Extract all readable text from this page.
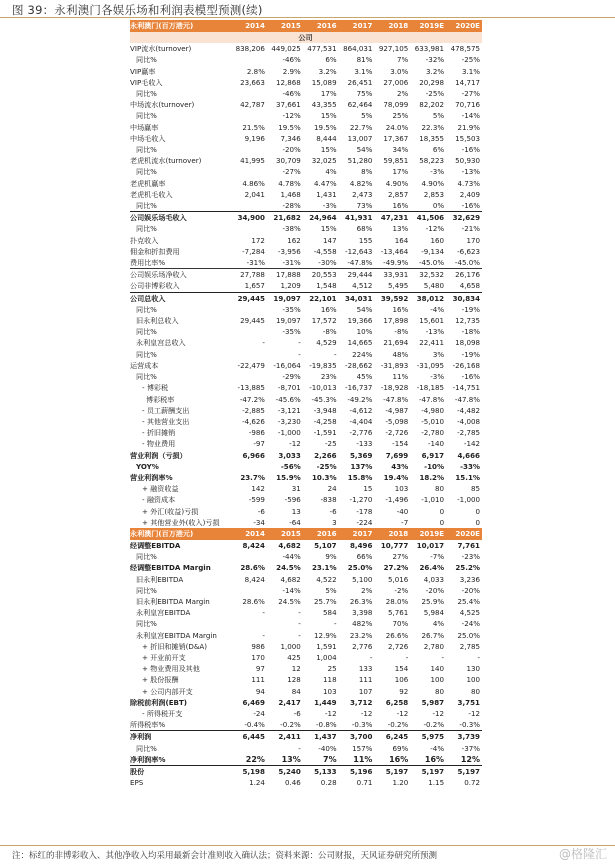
图 39：永利澳门各娱乐场和利润表模型预测(续)
永利澳门(百万港元)	2014	2015	2016	2017	2018	2019E	2020E
公司							
VIP流水(turnover)	838,206	449,025	477,531	864,031	927,105	633,981	478,575
同比%		-46%	6%	81%	7%	-32%	-25%
VIP赢率	2.8%	2.9%	3.2%	3.1%	3.0%	3.2%	3.1%
VIP毛收入	23,663	12,868	15,089	26,451	27,006	20,298	14,717
同比%		-46%	17%	75%	2%	-25%	-27%
中场流水(turnover)	42,787	37,661	43,355	62,464	78,099	82,202	70,716
同比%		-12%	15%	5%	25%	5%	-14%
中场赢率	21.5%	19.5%	19.5%	22.7%	24.0%	22.3%	21.9%
中场毛收入	9,196	7,346	8,444	13,007	17,367	18,355	15,503
同比%		-20%	15%	54%	34%	6%	-16%
老虎机流水(turnover)	41,995	30,709	32,025	51,280	59,851	58,223	50,930
同比%		-27%	4%	8%	17%	-3%	-13%
老虎机赢率	4.86%	4.78%	4.47%	4.82%	4.90%	4.90%	4.73%
老虎机毛收入	2,041	1,468	1,431	2,473	2,857	2,853	2,409
同比%		-28%	-3%	73%	16%	0%	-16%
公司娱乐场毛收入	34,900	21,682	24,964	41,931	47,231	41,506	32,629
同比%		-38%	15%	68%	13%	-12%	-21%
扑克收入	172	162	147	155	164	160	170
佣金和折扣费用	-7,284	-3,956	-4,558	-12,643	-13,464	-9,134	-6,623
费用比率%	-31%	-31%	-30%	-47.8%	-49.9%	-45.0%	-45.0%
公司娱乐场净收入	27,788	17,888	20,553	29,444	33,931	32,532	26,176
公司非博彩收入	1,657	1,209	1,548	4,512	5,495	5,480	4,658
公司总收入	29,445	19,097	22,101	34,031	39,592	38,012	30,834
同比%		-35%	16%	54%	16%	-4%	-19%
旧永利总收入	29,445	19,097	17,572	19,366	17,898	15,601	12,735
同比%		-35%	-8%	10%	-8%	-13%	-18%
永利皇宫总收入	-	-	4,529	14,665	21,694	22,411	18,098
同比%		-	-	224%	48%	3%	-19%
运营成本	-22,479	-16,064	-19,835	-28,662	-31,893	-31,095	-26,168
同比%		-29%	23%	45%	11%	-3%	-16%
- 博彩税	-13,885	-8,701	-10,013	-16,737	-18,928	-18,185	-14,751
博彩税率	-47.2%	-45.6%	-45.3%	-49.2%	-47.8%	-47.8%	-47.8%
- 员工薪酬支出	-2,885	-3,121	-3,948	-4,612	-4,987	-4,980	-4,482
- 其他营业支出	-4,626	-3,230	-4,258	-4,404	-5,098	-5,010	-4,008
- 折旧摊销	-986	-1,000	-1,591	-2,776	-2,726	-2,780	-2,785
- 物业费用	-97	-12	-25	-133	-154	-140	-142
营业利润（亏损）	6,966	3,033	2,266	5,369	7,699	6,917	4,666
YOY%		-56%	-25%	137%	43%	-10%	-33%
营业利润率%	23.7%	15.9%	10.3%	15.8%	19.4%	18.2%	15.1%
+ 融资收益	142	31	24	15	103	80	85
- 融资成本	-599	-596	-838	-1,270	-1,496	-1,010	-1,000
+ 外汇(收益)亏损	-6	13	-6	-178	-40	0	0
+ 其他营业外(收入)亏损	-34	-64	3	-224	-7	0	0
永利澳门(百万港元)	2014	2015	2016	2017	2018	2019E	2020E
经调整EBITDA	8,424	4,682	5,107	8,496	10,777	10,017	7,761
同比%		-44%	9%	66%	27%	-7%	-23%
经调整EBITDA Margin	28.6%	24.5%	23.1%	25.0%	27.2%	26.4%	25.2%
旧永利EBITDA	8,424	4,682	4,522	5,100	5,016	4,033	3,236
同比%		-14%	5%	2%	-2%	-20%	-20%
旧永利EBITDA Margin	28.6%	24.5%	25.7%	26.3%	28.0%	25.9%	25.4%
永利皇宫EBITDA	-	-	584	3,398	5,761	5,984	4,525
同比%		-	-	482%	70%	4%	-24%
永利皇宫EBITDA Margin	-	-	12.9%	23.2%	26.6%	26.7%	25.0%
+ 折旧和摊销(D&A)	986	1,000	1,591	2,776	2,726	2,780	2,785
+ 开业前开支	170	425	1,004	-	-	-	-
+ 物业费用及其他	97	12	25	133	154	140	130
+ 股份报酬	111	128	118	111	106	100	100
+ 公司内部开支	94	84	103	107	92	80	80
除税前利润(EBT)	6,469	2,417	1,449	3,712	6,258	5,987	3,751
- 所得税开支	-24	-6	-12	-12	-12	-12	-12
所得税率%	-0.4%	-0.2%	-0.8%	-0.3%	-0.2%	-0.2%	-0.3%
净利润	6,445	2,411	1,437	3,700	6,245	5,975	3,739
同比%		-	-40%	157%	69%	-4%	-37%
净利润率%	22%	13%	7%	11%	16%	16%	12%
股份	5,198	5,240	5,133	5,196	5,197	5,197	5,197
EPS	1.24	0.46	0.28	0.71	1.20	1.15	0.72
注：标红的非博彩收入、其他净收入均采用最新会计准则收入确认法；资料来源：公司财报，天风证券研究所预测	@格隆汇
